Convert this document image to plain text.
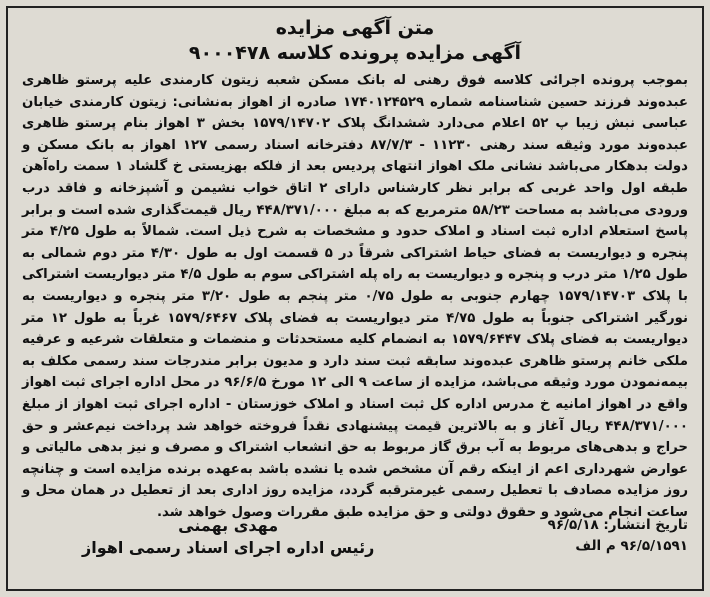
متن آگهی مزایده

آگهی مزایده پرونده کلاسه ۹۰۰۰۴۷۸

بموجب پرونده اجرائی کلاسه فوق رهنی له بانک مسکن شعبه زیتون کارمندی علیه پرستو ظاهری عبده‌وند فرزند حسین شناسنامه شماره ۱۷۴۰۱۲۴۵۲۹ صادره از اهواز به‌نشانی: زیتون کارمندی خیابان عباسی نبش زیبا پ ۵۲ اعلام می‌دارد ششدانگ پلاک ۱۵۷۹/۱۴۷۰۲ بخش ۳ اهواز بنام پرستو ظاهری عبده‌وند مورد وثیقه سند رهنی ۱۱۲۳۰ - ۸۷/۷/۳ دفترخانه اسناد رسمی ۱۲۷ اهواز به بانک مسکن و دولت بدهکار می‌باشد نشانی ملک اهواز انتهای پردیس بعد از فلکه بهزیستی خ گلشاد ۱ سمت راه‌آهن طبقه اول واحد غربی که برابر نظر کارشناس دارای ۲ اتاق خواب نشیمن و آشپزخانه و فاقد درب ورودی می‌باشد به مساحت ۵۸/۲۳ مترمربع که به مبلغ ۴۴۸/۳۷۱/۰۰۰ ریال قیمت‌گذاری شده است و برابر پاسخ استعلام اداره ثبت اسناد و املاک حدود و مشخصات به شرح ذیل است. شمالاً به طول ۴/۲۵ متر پنجره و دیواریست به فضای حیاط اشتراکی شرقاً در ۵ قسمت اول به طول ۴/۳۰ متر دوم شمالی به طول ۱/۲۵ متر درب و پنجره و دیواریست به راه پله اشتراکی سوم به طول ۴/۵ متر دیواریست اشتراکی با پلاک ۱۵۷۹/۱۴۷۰۳ چهارم جنوبی به طول ۰/۷۵ متر پنجم به طول ۳/۲۰ متر پنجره و دیواریست به نورگیر اشتراکی جنوباً به طول ۴/۷۵ متر دیواریست به فضای پلاک ۱۵۷۹/۶۴۶۷ غرباً به طول ۱۲ متر دیواریست به فضای پلاک ۱۵۷۹/۶۴۴۷ به انضمام کلیه مستحدثات و منضمات و متعلقات شرعیه و عرفیه ملکی خانم پرستو ظاهری عبده‌وند سابقه ثبت سند دارد و مدیون برابر مندرجات سند رسمی مکلف به بیمه‌نمودن مورد وثیقه می‌باشد، مزایده از ساعت ۹ الی ۱۲ مورخ ۹۶/۶/۵ در محل اداره اجرای ثبت اهواز واقع در اهواز امانیه خ مدرس اداره کل ثبت اسناد و املاک خوزستان - اداره اجرای ثبت اهواز از مبلغ ۴۴۸/۳۷۱/۰۰۰ ریال آغاز و به بالاترین قیمت پیشنهادی نقداً فروخته خواهد شد پرداخت نیم‌عشر و حق حراج و بدهی‌های مربوط به آب برق گاز مربوط به حق انشعاب اشتراک و مصرف و نیز بدهی مالیاتی و عوارض شهرداری اعم از اینکه رقم آن مشخص شده یا نشده باشد به‌عهده برنده مزایده است و چنانچه روز مزایده مصادف با تعطیل رسمی غیرمترقبه گردد، مزایده روز اداری بعد از تعطیل در همان محل و ساعت انجام می‌شود و حقوق دولتی و حق مزایده طبق مقررات وصول خواهد شد.

تاریخ انتشار: ۹۶/۵/۱۸
۹۶/۵/۱۵۹۱ م الف
مهدی بهمنی
رئیس اداره اجرای اسناد رسمی اهواز
